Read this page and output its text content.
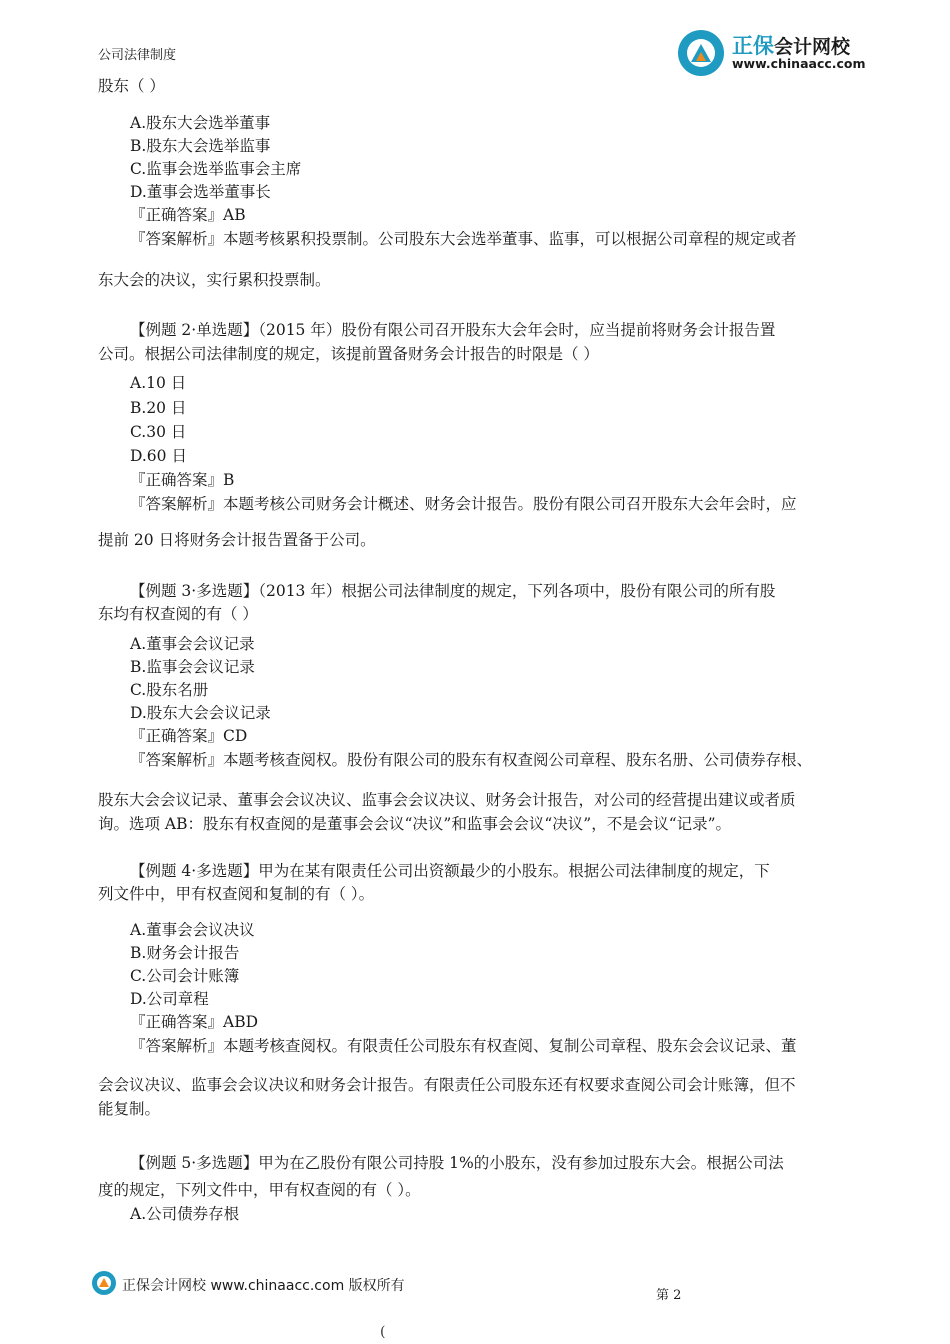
正保会计网校
www.chinaacc.com
公司法律制度
股东（ ）
A.股东大会选举董事
B.股东大会选举监事
C.监事会选举监事会主席
D.董事会选举董事长
『正确答案』AB
『答案解析』本题考核累积投票制。公司股东大会选举董事、监事，可以根据公司章程的规定或者
东大会的决议，实行累积投票制。
【例题 2·单选题】（2015 年）股份有限公司召开股东大会年会时，应当提前将财务会计报告置
公司。根据公司法律制度的规定，该提前置备财务会计报告的时限是（ ）
A.10 日
B.20 日
C.30 日
D.60 日
『正确答案』B
『答案解析』本题考核公司财务会计概述、财务会计报告。股份有限公司召开股东大会年会时，应
提前 20 日将财务会计报告置备于公司。
【例题 3·多选题】（2013 年）根据公司法律制度的规定，下列各项中，股份有限公司的所有股
东均有权查阅的有（ ）
A.董事会会议记录
B.监事会会议记录
C.股东名册
D.股东大会会议记录
『正确答案』CD
『答案解析』本题考核查阅权。股份有限公司的股东有权查阅公司章程、股东名册、公司债券存根、
股东大会会议记录、董事会会议决议、监事会会议决议、财务会计报告，对公司的经营提出建议或者质
询。选项 AB：股东有权查阅的是董事会会议“决议”和监事会会议“决议”，不是会议“记录”。
【例题 4·多选题】甲为在某有限责任公司出资额最少的小股东。根据公司法律制度的规定，下
列文件中，甲有权查阅和复制的有（ ）。
A.董事会会议决议
B.财务会计报告
C.公司会计账簿
D.公司章程
『正确答案』ABD
『答案解析』本题考核查阅权。有限责任公司股东有权查阅、复制公司章程、股东会会议记录、董
会会议决议、监事会会议决议和财务会计报告。有限责任公司股东还有权要求查阅公司会计账簿，但不
能复制。
【例题 5·多选题】甲为在乙股份有限公司持股 1%的小股东，没有参加过股东大会。根据公司法
度的规定，下列文件中，甲有权查阅的有（ ）。
A.公司债券存根
正保会计网校 www.chinaacc.com 版权所有
第 2
(
